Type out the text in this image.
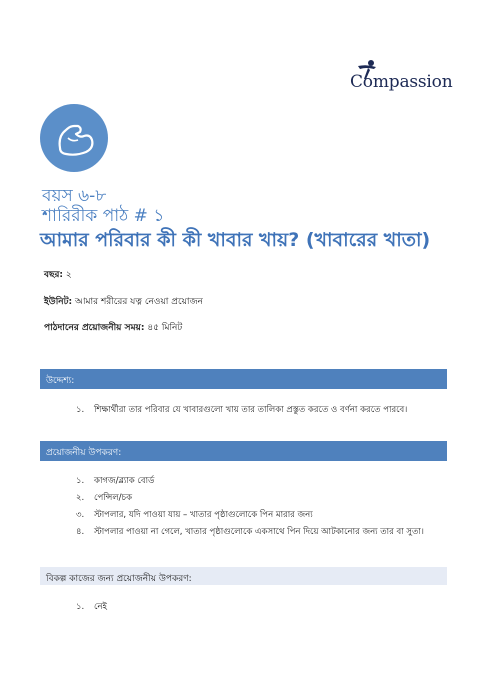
Compassion
বয়স ৬-৮
শারিরীক পাঠ # ১
আমার পরিবার কী কী খাবার খায়? (খাবারের খাতা)
বছর: ২
ইউনিট: আমার শরীরের যত্ন নেওয়া প্রয়োজন
পাঠদানের প্রয়োজনীয় সময়: ৪৫ মিনিট
উদ্দেশ্য:
১. শিক্ষার্থীরা তার পরিবার যে খাবারগুলো খায় তার তালিকা প্রস্তুত করতে ও বর্ণনা করতে পারবে।
প্রয়োজনীয় উপকরণ:
১. কাগজ/ব্ল্যাক বোর্ড
২. পেন্সিল/চক
৩. স্টাপলার, যদি পাওয়া যায় – খাতার পৃষ্ঠাগুলোকে পিন মারার জন্য
৪. স্টাপলার পাওয়া না গেলে, খাতার পৃষ্ঠাগুলোকে একসাথে পিন দিয়ে আটকানোর জন্য তার বা সুতা।
বিকল্প কাজের জন্য প্রয়োজনীয় উপকরণ:
১. নেই
